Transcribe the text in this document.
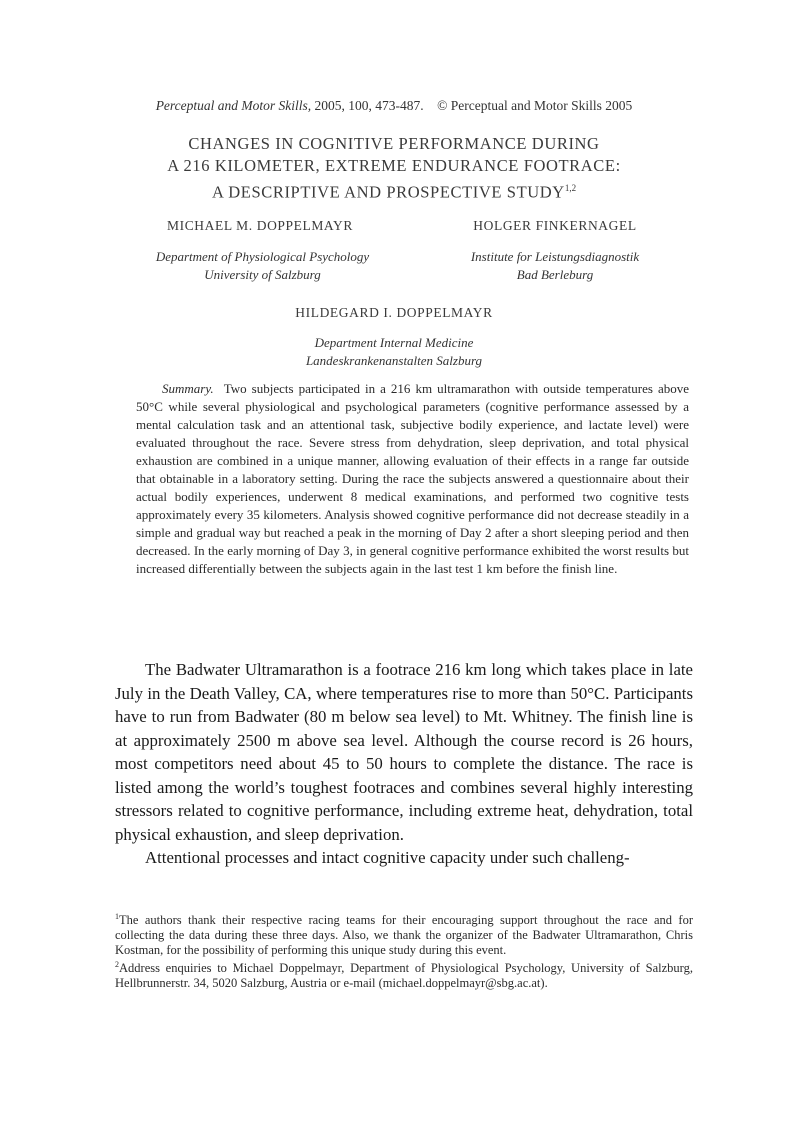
Perceptual and Motor Skills, 2005, 100, 473-487. © Perceptual and Motor Skills 2005
CHANGES IN COGNITIVE PERFORMANCE DURING
A 216 KILOMETER, EXTREME ENDURANCE FOOTRACE:
A DESCRIPTIVE AND PROSPECTIVE STUDY$^{1,2}$
MICHAEL M. DOPPELMAYR	HOLGER FINKERNAGEL
Department of Physiological Psychology
University of Salzburg
Institute for Leistungsdiagnostik
Bad Berleburg
HILDEGARD I. DOPPELMAYR
Department Internal Medicine
Landeskrankenanstalten Salzburg

Summary. Two subjects participated in a 216 km ultramarathon with outside temperatures above 50°C while several physiological and psychological parameters (cognitive performance assessed by a mental calculation task and an attentional task, subjective bodily experience, and lactate level) were evaluated throughout the race. Severe stress from dehydration, sleep deprivation, and total physical exhaustion are combined in a unique manner, allowing evaluation of their effects in a range far outside that obtainable in a laboratory setting. During the race the subjects answered a questionnaire about their actual bodily experiences, underwent 8 medical examinations, and performed two cognitive tests approximately every 35 kilometers. Analysis showed cognitive performance did not decrease steadily in a simple and gradual way but reached a peak in the morning of Day 2 after a short sleeping period and then decreased. In the early morning of Day 3, in general cognitive performance exhibited the worst results but increased differentially between the subjects again in the last test 1 km before the finish line.

The Badwater Ultramarathon is a footrace 216 km long which takes place in late July in the Death Valley, CA, where temperatures rise to more than 50°C. Participants have to run from Badwater (80 m below sea level) to Mt. Whitney. The finish line is at approximately 2500 m above sea level. Although the course record is 26 hours, most competitors need about 45 to 50 hours to complete the distance. The race is listed among the world’s toughest footraces and combines several highly interesting stressors related to cognitive performance, including extreme heat, dehydration, total physical exhaustion, and sleep deprivation.

Attentional processes and intact cognitive capacity under such challeng-

$^1$The authors thank their respective racing teams for their encouraging support throughout the race and for collecting the data during these three days. Also, we thank the organizer of the Badwater Ultramarathon, Chris Kostman, for the possibility of performing this unique study during this event.

$^2$Address enquiries to Michael Doppelmayr, Department of Physiological Psychology, University of Salzburg, Hellbrunnerstr. 34, 5020 Salzburg, Austria or e-mail (michael.doppelmayr@sbg.ac.at).
